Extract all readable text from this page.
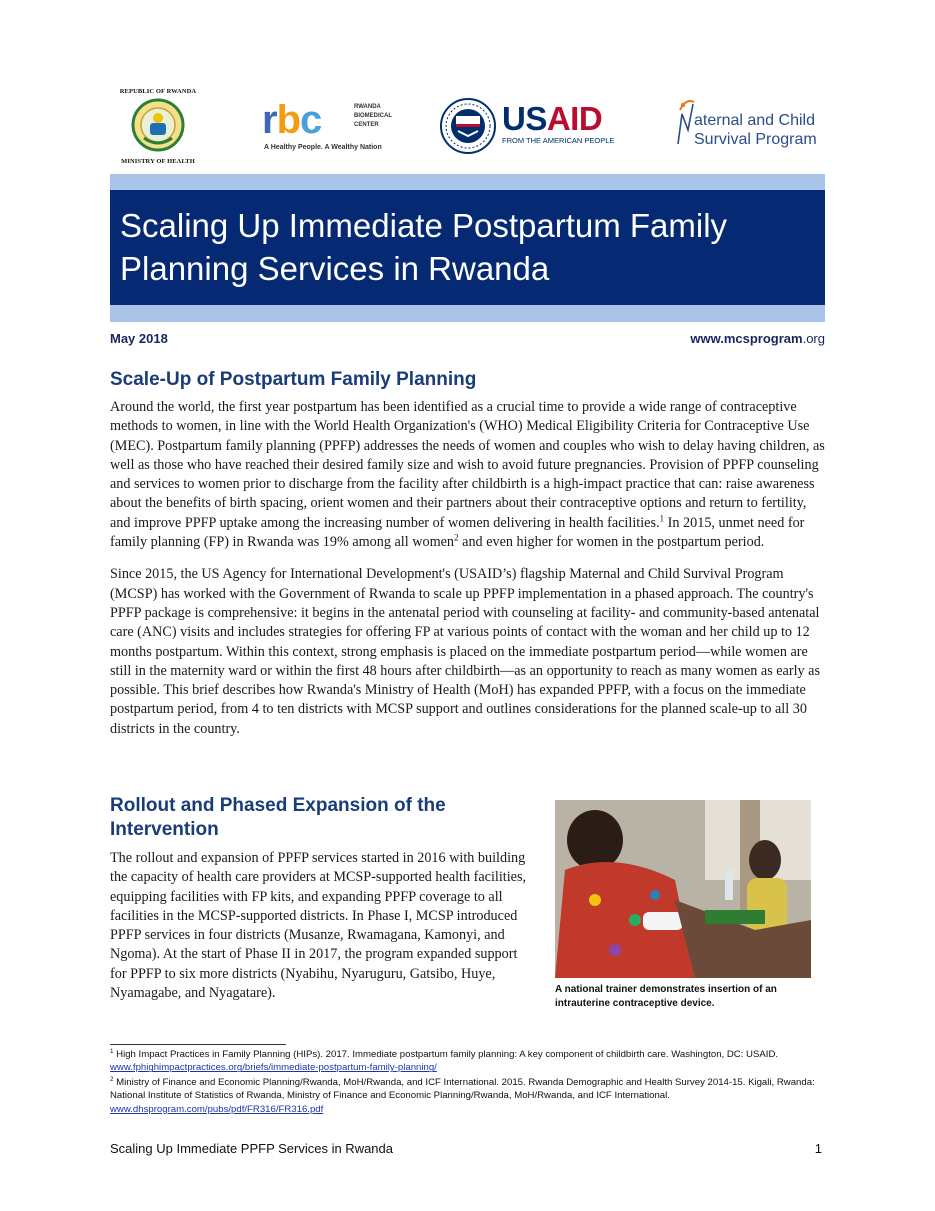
REPUBLIC OF RWANDA
MINISTRY OF HEALTH
rbc	RWANDA
BIOMEDICAL
CENTER
A Healthy People. A Wealthy Nation
USAID
FROM THE AMERICAN PEOPLE
aternal and Child
Survival Program
Scaling Up Immediate Postpartum Family Planning Services in Rwanda
May 2018	www.mcsprogram.org
Scale-Up of Postpartum Family Planning

Around the world, the first year postpartum has been identified as a crucial time to provide a wide range of contraceptive methods to women, in line with the World Health Organization's (WHO) Medical Eligibility Criteria for Contraceptive Use (MEC). Postpartum family planning (PPFP) addresses the needs of women and couples who wish to delay having children, as well as those who have reached their desired family size and wish to avoid future pregnancies. Provision of PPFP counseling and services to women prior to discharge from the facility after childbirth is a high-impact practice that can: raise awareness about the benefits of birth spacing, orient women and their partners about their contraceptive options and return to fertility, and improve PPFP uptake among the increasing number of women delivering in health facilities.$^1$ In 2015, unmet need for family planning (FP) in Rwanda was 19% among all women$^2$ and even higher for women in the postpartum period.

Since 2015, the US Agency for International Development's (USAID’s) flagship Maternal and Child Survival Program (MCSP) has worked with the Government of Rwanda to scale up PPFP implementation in a phased approach. The country's PPFP package is comprehensive: it begins in the antenatal period with counseling at facility- and community-based antenatal care (ANC) visits and includes strategies for offering FP at various points of contact with the woman and her child up to 12 months postpartum. Within this context, strong emphasis is placed on the immediate postpartum period—while women are still in the maternity ward or within the first 48 hours after childbirth—as an opportunity to reach as many women as early as possible. This brief describes how Rwanda's Ministry of Health (MoH) has expanded PPFP, with a focus on the immediate postpartum period, from 4 to ten districts with MCSP support and outlines considerations for the planned scale-up to all 30 districts in the country.

Rollout and Phased Expansion of the Intervention

The rollout and expansion of PPFP services started in 2016 with building the capacity of health care providers at MCSP-supported health facilities, equipping facilities with FP kits, and expanding PPFP coverage to all facilities in the MCSP-supported districts. In Phase I, MCSP introduced PPFP services in four districts (Musanze, Rwamagana, Kamonyi, and Ngoma). At the start of Phase II in 2017, the program expanded support for PPFP to six more districts (Nyabihu, Nyaruguru, Gatsibo, Huye, Nyamagabe, and Nyagatare).	A national trainer demonstrates insertion of an intrauterine contraceptive device.

$^1$ High Impact Practices in Family Planning (HIPs). 2017. Immediate postpartum family planning: A key component of childbirth care. Washington, DC: USAID. www.fphighimpactpractices.org/briefs/immediate-postpartum-family-planning/

$^2$ Ministry of Finance and Economic Planning/Rwanda, MoH/Rwanda, and ICF International. 2015. Rwanda Demographic and Health Survey 2014-15. Kigali, Rwanda: National Institute of Statistics of Rwanda, Ministry of Finance and Economic Planning/Rwanda, MoH/Rwanda, and ICF International. www.dhsprogram.com/pubs/pdf/FR316/FR316.pdf

Scaling Up Immediate PPFP Services in Rwanda	1
